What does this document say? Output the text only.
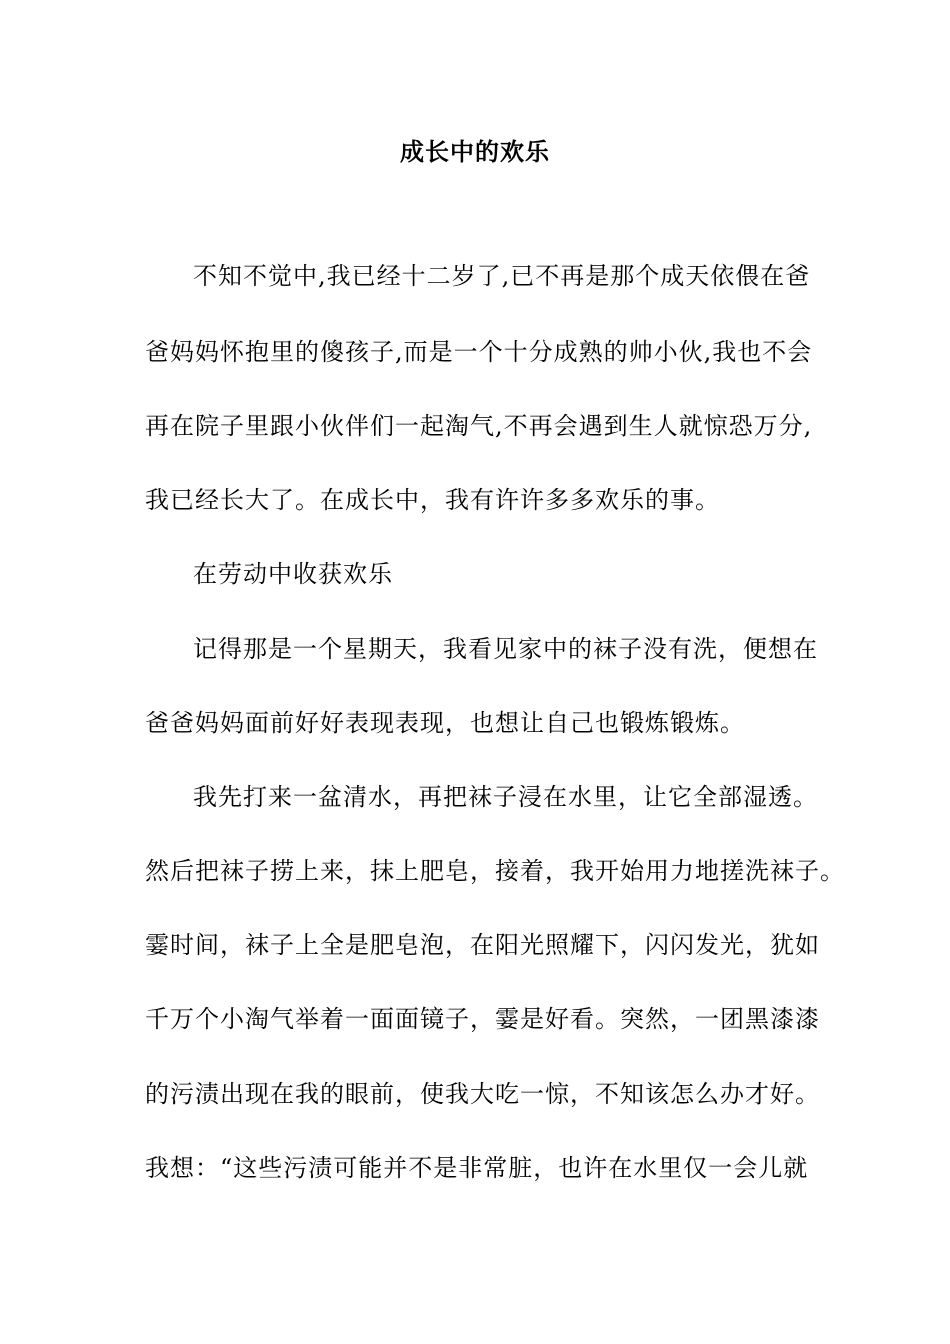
成长中的欢乐
不知不觉中,我已经十二岁了,已不再是那个成天依偎在爸
爸妈妈怀抱里的傻孩子,而是一个十分成熟的帅小伙,我也不会
再在院子里跟小伙伴们一起淘气,不再会遇到生人就惊恐万分,
我已经长大了。在成长中，我有许许多多欢乐的事。
在劳动中收获欢乐
记得那是一个星期天，我看见家中的袜子没有洗，便想在
爸爸妈妈面前好好表现表现，也想让自己也锻炼锻炼。
我先打来一盆清水，再把袜子浸在水里，让它全部湿透。
然后把袜子捞上来，抹上肥皂，接着，我开始用力地搓洗袜子。
霎时间，袜子上全是肥皂泡，在阳光照耀下，闪闪发光，犹如
千万个小淘气举着一面面镜子，霎是好看。突然，一团黑漆漆
的污渍出现在我的眼前，使我大吃一惊，不知该怎么办才好。
我想：“这些污渍可能并不是非常脏，也许在水里仅一会儿就
